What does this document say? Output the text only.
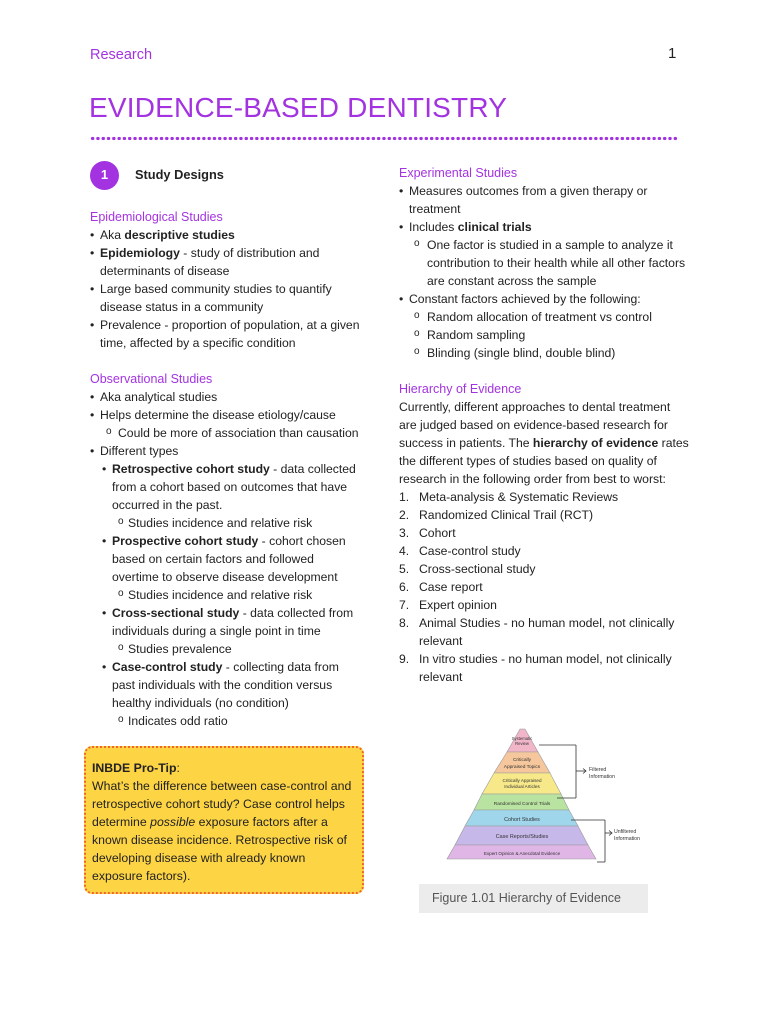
Research	1
EVIDENCE-BASED DENTISTRY
1	Study Designs
Epidemiological Studies
• Aka descriptive studies
• Epidemiology - study of distribution and determinants of disease
• Large based community studies to quantify disease status in a community
• Prevalence - proportion of population, at a given time, affected by a specific condition
Observational Studies
• Aka analytical studies
• Helps determine the disease etiology/cause
o Could be more of association than causation
• Different types
• Retrospective cohort study - data collected from a cohort based on outcomes that have occurred in the past.
o Studies incidence and relative risk
• Prospective cohort study - cohort chosen based on certain factors and followed overtime to observe disease development
o Studies incidence and relative risk
• Cross-sectional study - data collected from individuals during a single point in time
o Studies prevalence
• Case-control study - collecting data from past individuals with the condition versus healthy individuals (no condition)
o Indicates odd ratio
INBDE Pro-Tip:
What’s the difference between case-control and retrospective cohort study? Case control helps determine possible exposure factors after a known disease incidence. Retrospective risk of developing disease with already known exposure factors).
Experimental Studies
• Measures outcomes from a given therapy or treatment
• Includes clinical trials
o One factor is studied in a sample to analyze it contribution to their health while all other factors are constant across the sample
• Constant factors achieved by the following:
o Random allocation of treatment vs control
o Random sampling
o Blinding (single blind, double blind)
Hierarchy of Evidence
Currently, different approaches to dental treatment are judged based on evidence-based research for success in patients. The hierarchy of evidence rates the different types of studies based on quality of research in the following order from best to worst:
1. Meta-analysis & Systematic Reviews
2. Randomized Clinical Trail (RCT)
3. Cohort
4. Case-control study
5. Cross-sectional study
6. Case report
7. Expert opinion
8. Animal Studies - no human model, not clinically relevant
9. In vitro studies - no human model, not clinically relevant
Systematic
Review
Critically
Appraised Topics
Critically Appraised
Individual Articles
Randomised Control Trials
Cohort Studies
Case Reports/Studies
Expert Opinion & Anecdotal Evidence
Filtered
Information
Unfiltered
Information
Figure 1.01 Hierarchy of Evidence
